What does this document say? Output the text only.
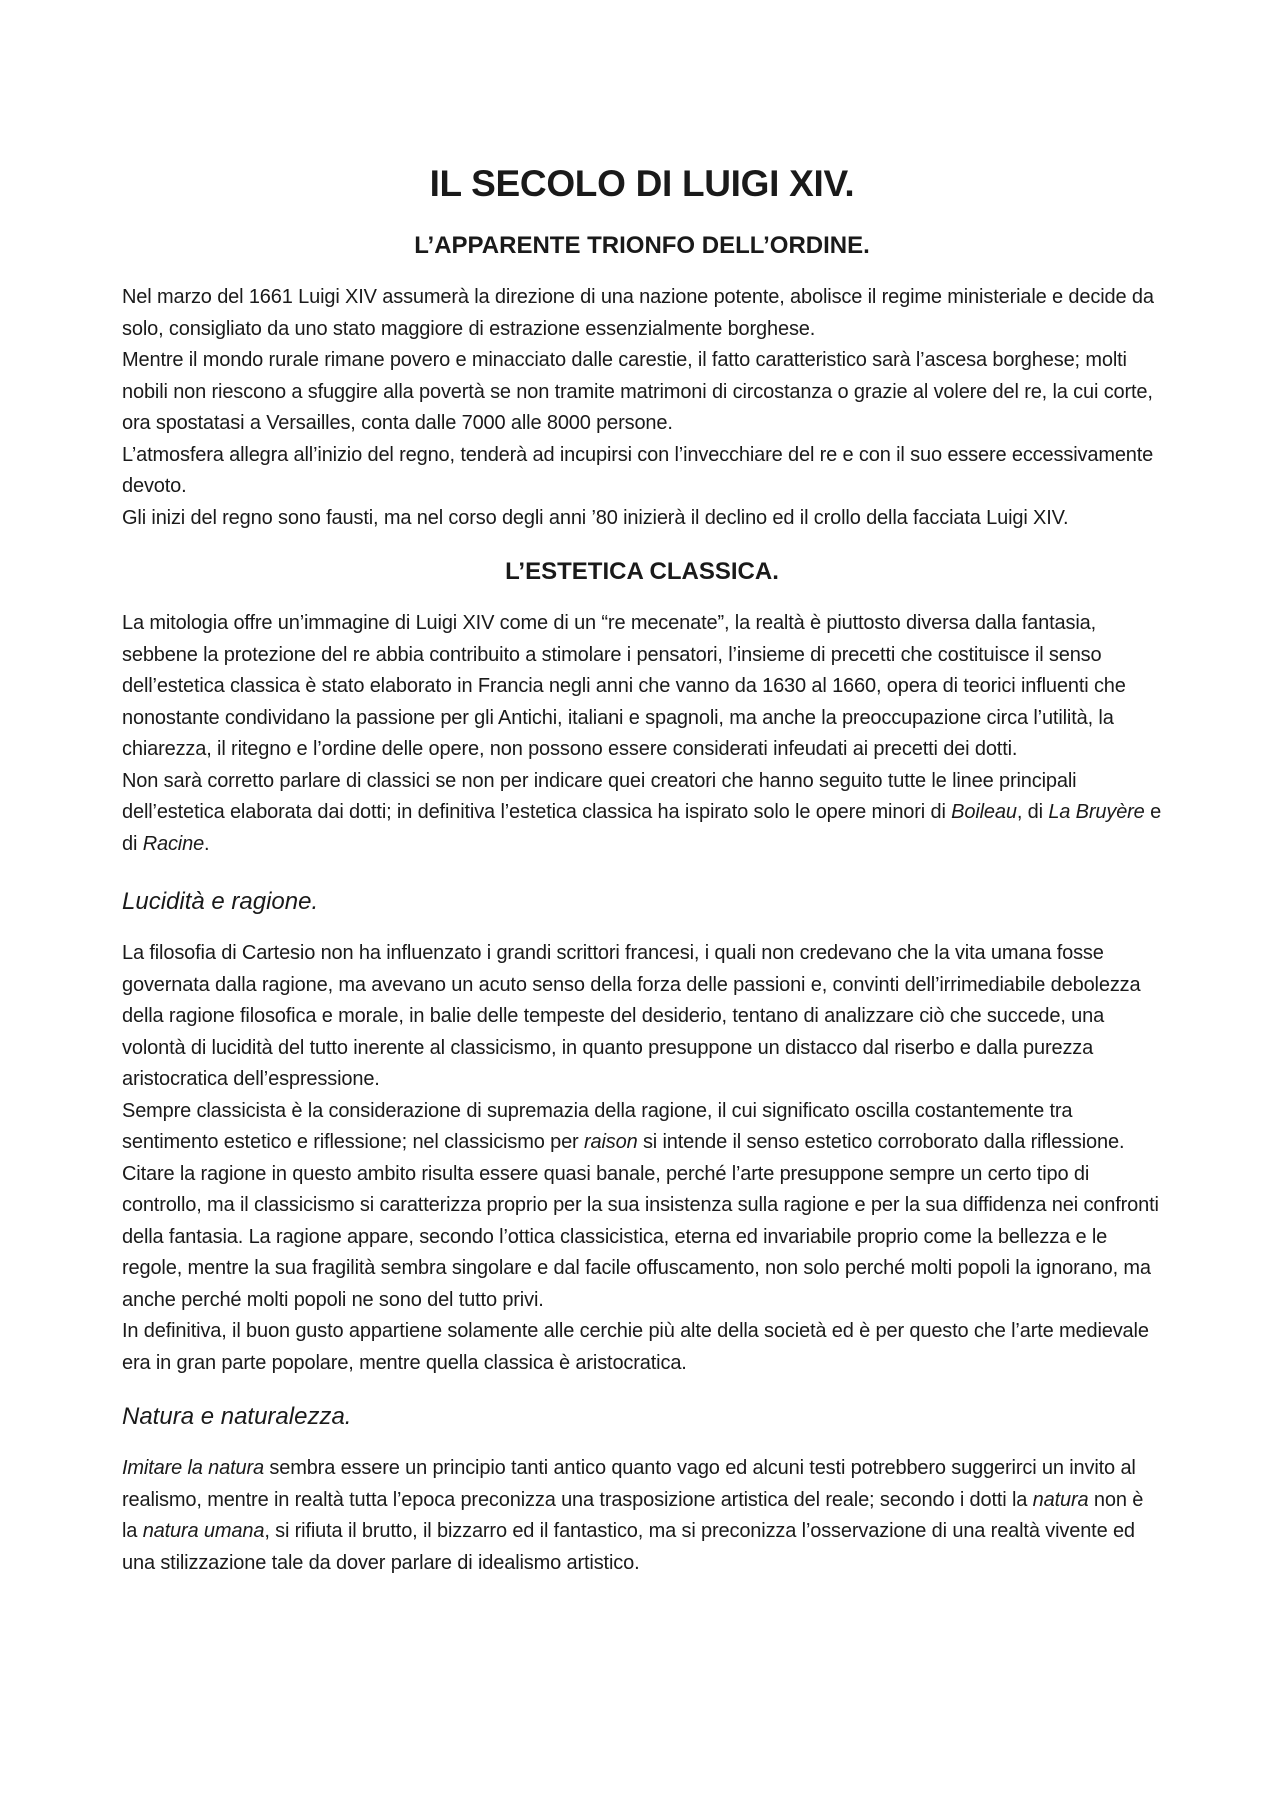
IL SECOLO DI LUIGI XIV.
L’APPARENTE TRIONFO DELL’ORDINE.

Nel marzo del 1661 Luigi XIV assumerà la direzione di una nazione potente, abolisce il regime ministeriale e decide da solo, consigliato da uno stato maggiore di estrazione essenzialmente borghese.

Mentre il mondo rurale rimane povero e minacciato dalle carestie, il fatto caratteristico sarà l’ascesa borghese; molti nobili non riescono a sfuggire alla povertà se non tramite matrimoni di circostanza o grazie al volere del re, la cui corte, ora spostatasi a Versailles, conta dalle 7000 alle 8000 persone.

L’atmosfera allegra all’inizio del regno, tenderà ad incupirsi con l’invecchiare del re e con il suo essere eccessivamente devoto.

Gli inizi del regno sono fausti, ma nel corso degli anni ’80 inizierà il declino ed il crollo della facciata Luigi XIV.

L’ESTETICA CLASSICA.

La mitologia offre un’immagine di Luigi XIV come di un “re mecenate”, la realtà è piuttosto diversa dalla fantasia, sebbene la protezione del re abbia contribuito a stimolare i pensatori, l’insieme di precetti che costituisce il senso dell’estetica classica è stato elaborato in Francia negli anni che vanno da 1630 al 1660, opera di teorici influenti che nonostante condividano la passione per gli Antichi, italiani e spagnoli, ma anche la preoccupazione circa l’utilità, la chiarezza, il ritegno e l’ordine delle opere, non possono essere considerati infeudati ai precetti dei dotti.

Non sarà corretto parlare di classici se non per indicare quei creatori che hanno seguito tutte le linee principali dell’estetica elaborata dai dotti; in definitiva l’estetica classica ha ispirato solo le opere minori di Boileau, di La Bruyère e di Racine.

Lucidità e ragione.

La filosofia di Cartesio non ha influenzato i grandi scrittori francesi, i quali non credevano che la vita umana fosse governata dalla ragione, ma avevano un acuto senso della forza delle passioni e, convinti dell’irrimediabile debolezza della ragione filosofica e morale, in balie delle tempeste del desiderio, tentano di analizzare ciò che succede, una volontà di lucidità del tutto inerente al classicismo, in quanto presuppone un distacco dal riserbo e dalla purezza aristocratica dell’espressione.

Sempre classicista è la considerazione di supremazia della ragione, il cui significato oscilla costantemente tra sentimento estetico e riflessione; nel classicismo per raison si intende il senso estetico corroborato dalla riflessione. Citare la ragione in questo ambito risulta essere quasi banale, perché l’arte presuppone sempre un certo tipo di controllo, ma il classicismo si caratterizza proprio per la sua insistenza sulla ragione e per la sua diffidenza nei confronti della fantasia. La ragione appare, secondo l’ottica classicistica, eterna ed invariabile proprio come la bellezza e le regole, mentre la sua fragilità sembra singolare e dal facile offuscamento, non solo perché molti popoli la ignorano, ma anche perché molti popoli ne sono del tutto privi.

In definitiva, il buon gusto appartiene solamente alle cerchie più alte della società ed è per questo che l’arte medievale era in gran parte popolare, mentre quella classica è aristocratica.

Natura e naturalezza.

Imitare la natura sembra essere un principio tanti antico quanto vago ed alcuni testi potrebbero suggerirci un invito al realismo, mentre in realtà tutta l’epoca preconizza una trasposizione artistica del reale; secondo i dotti la natura non è la natura umana, si rifiuta il brutto, il bizzarro ed il fantastico, ma si preconizza l’osservazione di una realtà vivente ed una stilizzazione tale da dover parlare di idealismo artistico.
